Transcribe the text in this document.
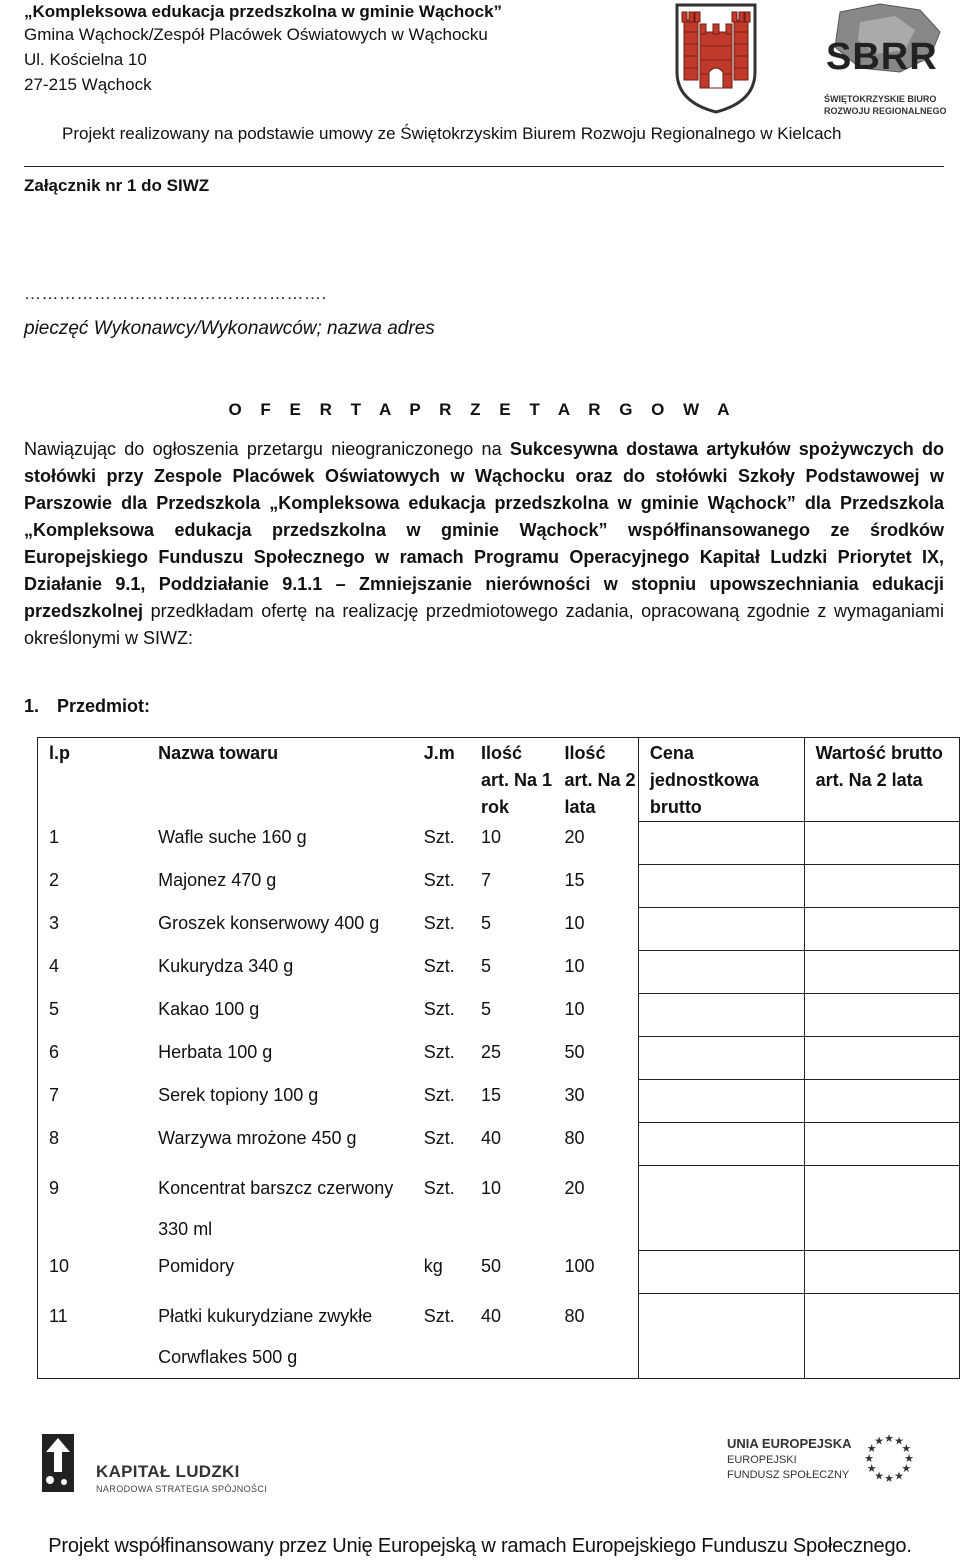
„Kompleksowa edukacja przedszkolna w gminie Wąchock”
Gmina Wąchock/Zespół Placówek Oświatowych w Wąchocku
Ul. Kościelna 10
27-215 Wąchock
SBRR
ŚWIĘTOKRZYSKIE BIURO
ROZWOJU REGIONALNEGO
Projekt realizowany na podstawie umowy ze Świętokrzyskim Biurem Rozwoju Regionalnego w Kielcach
Załącznik nr 1 do SIWZ
…………………………………………….
pieczęć Wykonawcy/Wykonawców; nazwa adres
O F E R T A P R Z E T A R G O W A
Nawiązując do ogłoszenia przetargu nieograniczonego na Sukcesywna dostawa artykułów spożywczych do stołówki przy Zespole Placówek Oświatowych w Wąchocku oraz do stołówki Szkoły Podstawowej w Parszowie dla Przedszkola „Kompleksowa edukacja przedszkolna w gminie Wąchock” dla Przedszkola „Kompleksowa edukacja przedszkolna w gminie Wąchock” współfinansowanego ze środków Europejskiego Funduszu Społecznego w ramach Programu Operacyjnego Kapitał Ludzki Priorytet IX, Działanie 9.1, Poddziałanie 9.1.1 – Zmniejszanie nierówności w stopniu upowszechniania edukacji przedszkolnej przedkładam ofertę na realizację przedmiotowego zadania, opracowaną zgodnie z wymaganiami określonymi w SIWZ:
1. Przedmiot:
l.p	Nazwa towaru	J.m	Ilość art. Na 1 rok	Ilość art. Na 2 lata	Cena jednostkowa brutto	Wartość brutto art. Na 2 lata
1	Wafle suche 160 g	Szt.	10	20		
2	Majonez 470 g	Szt.	7	15		
3	Groszek konserwowy 400 g	Szt.	5	10		
4	Kukurydza 340 g	Szt.	5	10		
5	Kakao 100 g	Szt.	5	10		
6	Herbata 100 g	Szt.	25	50		
7	Serek topiony 100 g	Szt.	15	30		
8	Warzywa mrożone 450 g	Szt.	40	80		
9	Koncentrat barszcz czerwony 330 ml	Szt.	10	20		
10	Pomidory	kg	50	100		
11	Płatki kukurydziane zwykłe Corwflakes 500 g	Szt.	40	80		
KAPITAŁ LUDZKI
NARODOWA STRATEGIA SPÓJNOŚCI
UNIA EUROPEJSKA
EUROPEJSKI
FUNDUSZ SPOŁECZNY
★
★
★
★
★
★
★
★
★ ★ ★
★
Projekt współfinansowany przez Unię Europejską w ramach Europejskiego Funduszu Społecznego.
